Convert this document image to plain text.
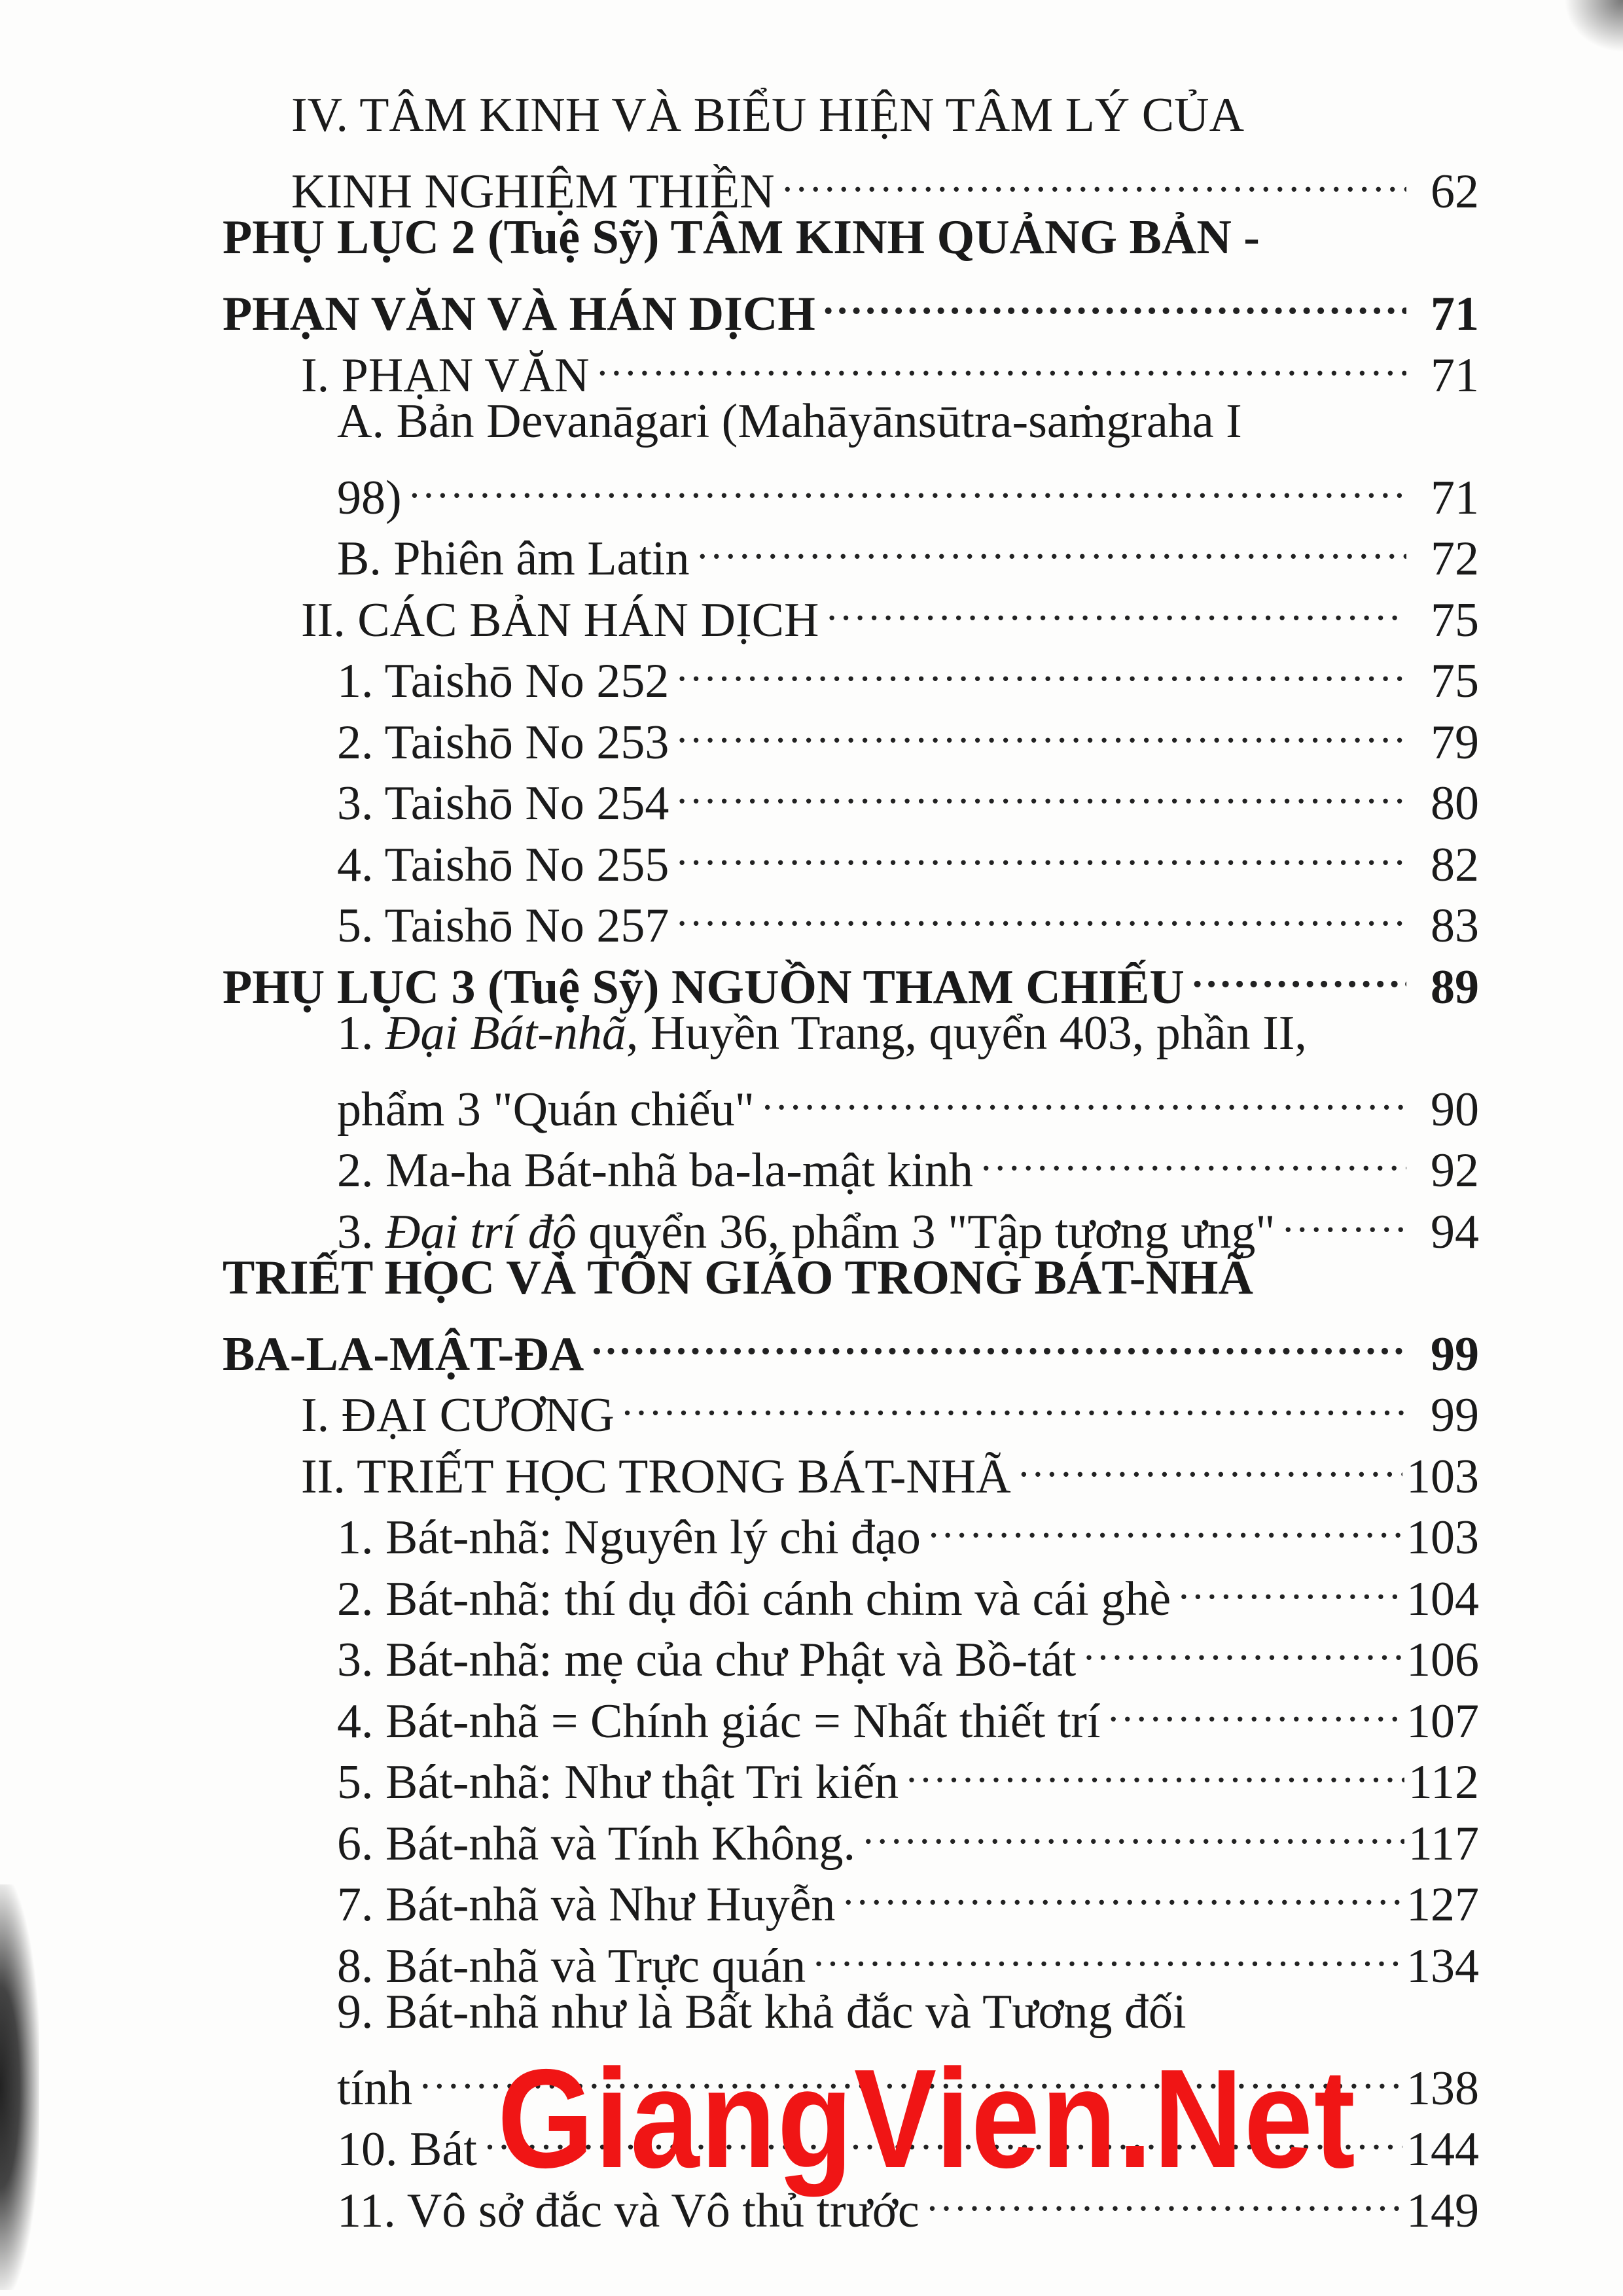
IV. TÂM KINH VÀ BIỂU HIỆN TÂM LÝ CỦA
KINH NGHIỆM THIỀN .....	62
PHỤ LỤC 2 (Tuệ Sỹ) TÂM KINH QUẢNG BẢN -
PHẠN VĂN VÀ HÁN DỊCH .....	71
I. PHẠN VĂN .....	71
A. Bản Devanāgari (Mahāyānsūtra-saṁgraha I
98) .....	71
B. Phiên âm Latin .....	72
II. CÁC BẢN HÁN DỊCH .....	75
1. Taishō No 252 .....	75
2. Taishō No 253 .....	79
3. Taishō No 254 .....	80
4. Taishō No 255 .....	82
5. Taishō No 257 .....	83
PHỤ LỤC 3 (Tuệ Sỹ) NGUỒN THAM CHIẾU .....	89
1. Đại Bát-nhã, Huyền Trang, quyển 403, phần II,
phẩm 3 "Quán chiếu" .....	90
2. Ma-ha Bát-nhã ba-la-mật kinh .....	92
3. Đại trí độ quyển 36, phẩm 3 "Tập tương ưng" .....	94
TRIẾT HỌC VÀ TÔN GIÁO TRONG BÁT-NHÃ
BA-LA-MẬT-ĐA .....	99
I. ĐẠI CƯƠNG .....	99
II. TRIẾT HỌC TRONG BÁT-NHÃ .....	103
1. Bát-nhã: Nguyên lý chi đạo .....	103
2. Bát-nhã: thí dụ đôi cánh chim và cái ghè .....	104
3. Bát-nhã: mẹ của chư Phật và Bồ-tát .....	106
4. Bát-nhã = Chính giác = Nhất thiết trí .....	107
5. Bát-nhã: Như thật Tri kiến .....	112
6. Bát-nhã và Tính Không. .....	117
7. Bát-nhã và Như Huyễn .....	127
8. Bát-nhã và Trực quán .....	134
9. Bát-nhã như là Bất khả đắc và Tương đối
tính .....	138
10. Bát .....	144
11. Vô sở đắc và Vô thủ trước .....	149
GiangVien.Net
